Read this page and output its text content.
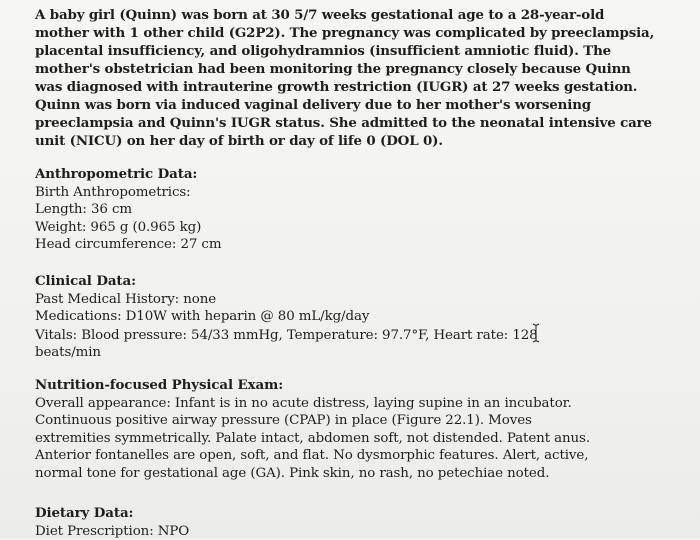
A baby girl (Quinn) was born at 30 5/7 weeks gestational age to a 28-year-old
mother with 1 other child (G2P2). The pregnancy was complicated by preeclampsia,
placental insufficiency, and oligohydramnios (insufficient amniotic fluid). The
mother's obstetrician had been monitoring the pregnancy closely because Quinn
was diagnosed with intrauterine growth restriction (IUGR) at 27 weeks gestation.
Quinn was born via induced vaginal delivery due to her mother's worsening
preeclampsia and Quinn's IUGR status. She admitted to the neonatal intensive care
unit (NICU) on her day of birth or day of life 0 (DOL 0).
Anthropometric Data:
Birth Anthropometrics:
Length: 36 cm
Weight: 965 g (0.965 kg)
Head circumference: 27 cm
Clinical Data:
Past Medical History: none
Medications: D10W with heparin @ 80 mL/kg/day
Vitals: Blood pressure: 54/33 mmHg, Temperature: 97.7°F, Heart rate: 128
beats/min
Nutrition-focused Physical Exam:
Overall appearance: Infant is in no acute distress, laying supine in an incubator.
Continuous positive airway pressure (CPAP) in place (Figure 22.1). Moves
extremities symmetrically. Palate intact, abdomen soft, not distended. Patent anus.
Anterior fontanelles are open, soft, and flat. No dysmorphic features. Alert, active,
normal tone for gestational age (GA). Pink skin, no rash, no petechiae noted.
Dietary Data:
Diet Prescription: NPO
